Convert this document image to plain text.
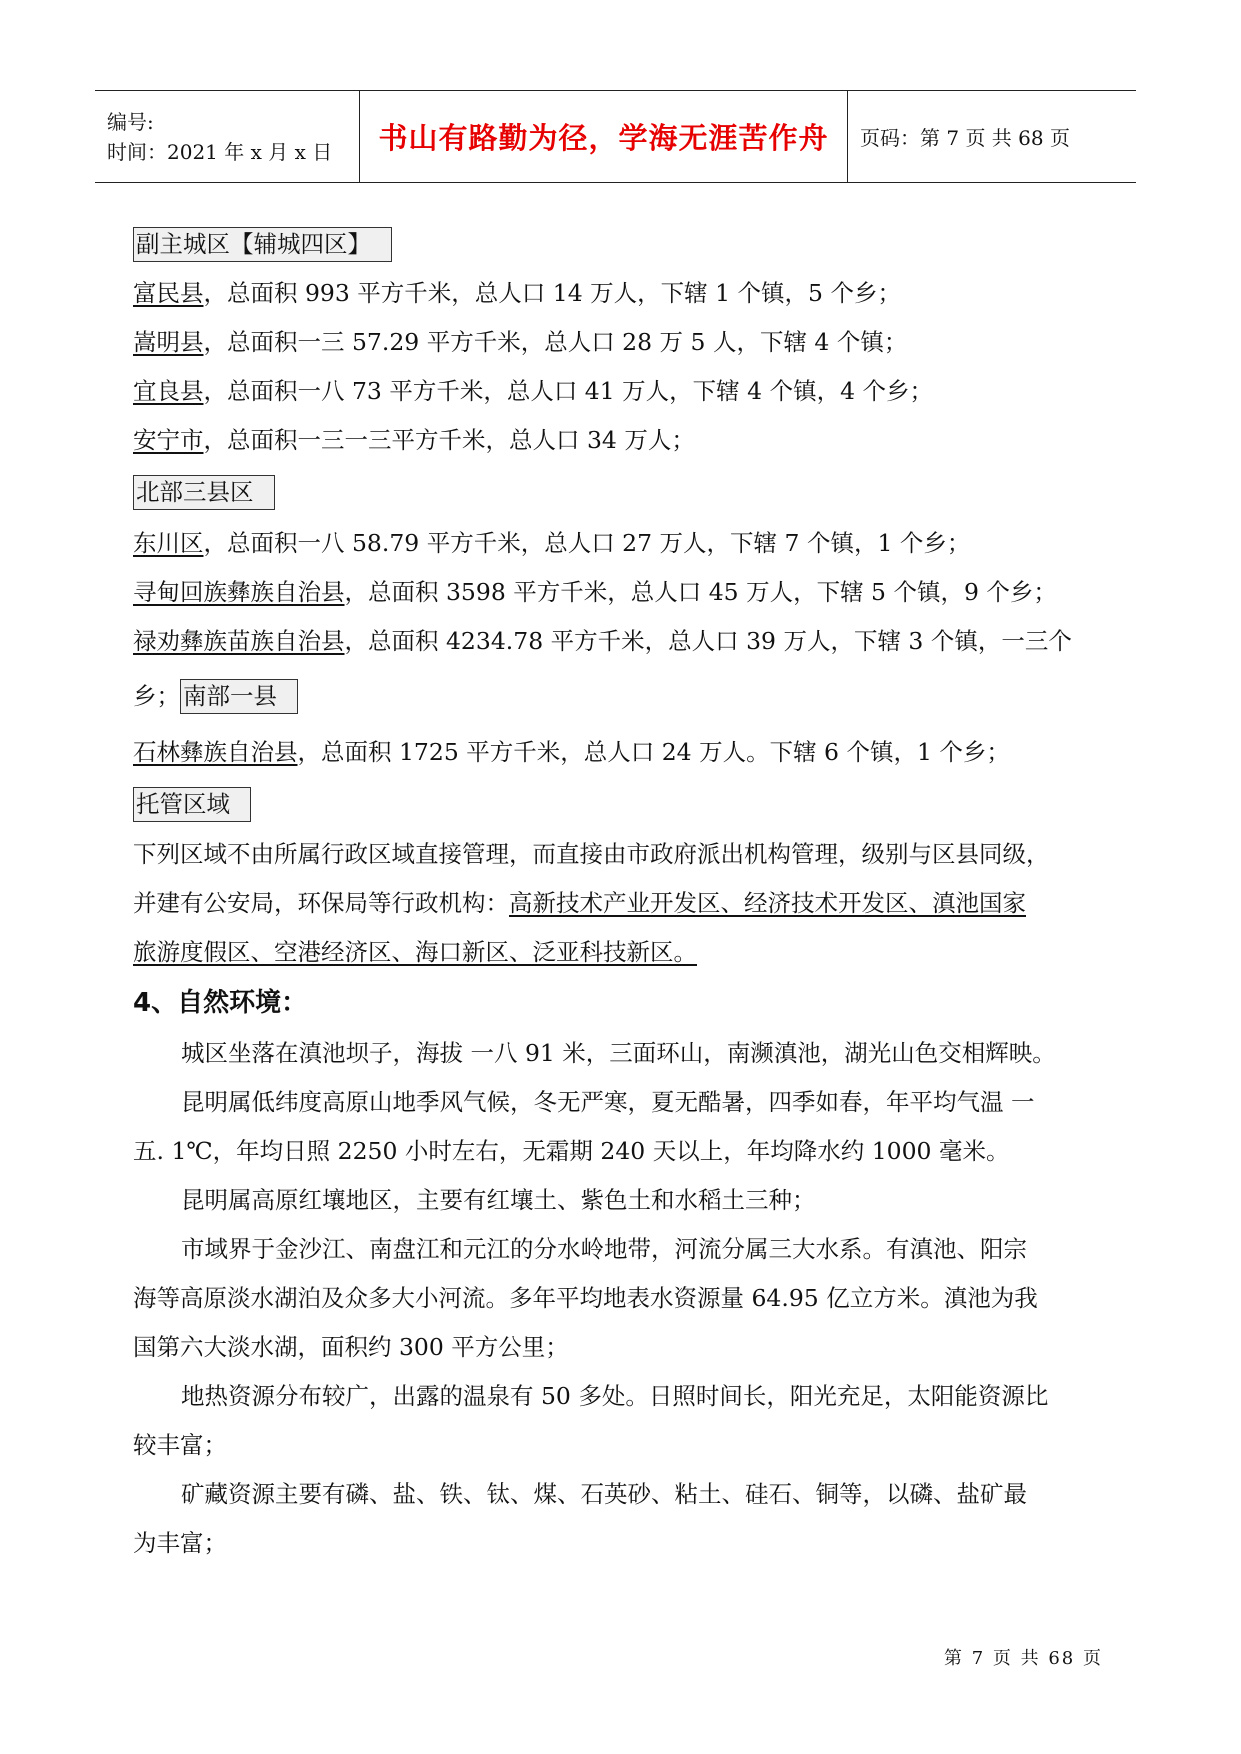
编号:
时间：2021 年 x 月 x 日	书山有路勤为径，学海无涯苦作舟 页码：第 7 页 共 68 页
副主城区【辅城四区】
富民县，总面积 993 平方千米，总人口 14 万人，下辖 1 个镇，5 个乡；
嵩明县，总面积一三 57.29 平方千米，总人口 28 万 5 人，下辖 4 个镇；
宜良县，总面积一八 73 平方千米，总人口 41 万人，下辖 4 个镇，4 个乡；
安宁市，总面积一三一三平方千米，总人口 34 万人；
北部三县区
东川区，总面积一八 58.79 平方千米，总人口 27 万人，下辖 7 个镇，1 个乡；
寻甸回族彝族自治县，总面积 3598 平方千米，总人口 45 万人，下辖 5 个镇，9 个乡；
禄劝彝族苗族自治县，总面积 4234.78 平方千米，总人口 39 万人，下辖 3 个镇，一三个
乡； 南部一县
石林彝族自治县，总面积 1725 平方千米，总人口 24 万人。下辖 6 个镇，1 个乡；
托管区域
下列区域不由所属行政区域直接管理，而直接由市政府派出机构管理，级别与区县同级，
并建有公安局，环保局等行政机构：高新技术产业开发区、经济技术开发区、滇池国家
旅游度假区、空港经济区、海口新区、泛亚科技新区。
4、自然环境：
城区坐落在滇池坝子，海拔 一八 91 米，三面环山，南濒滇池，湖光山色交相辉映。
昆明属低纬度高原山地季风气候，冬无严寒，夏无酷暑，四季如春，年平均气温 一
五. 1℃，年均日照 2250 小时左右，无霜期 240 天以上，年均降水约 1000 毫米。
昆明属高原红壤地区，主要有红壤土、紫色土和水稻土三种；
市域界于金沙江、南盘江和元江的分水岭地带，河流分属三大水系。有滇池、阳宗
海等高原淡水湖泊及众多大小河流。多年平均地表水资源量 64.95 亿立方米。滇池为我
国第六大淡水湖，面积约 300 平方公里；
地热资源分布较广，出露的温泉有 50 多处。日照时间长，阳光充足，太阳能资源比
较丰富；
矿藏资源主要有磷、盐、铁、钛、煤、石英砂、粘土、硅石、铜等，以磷、盐矿最
为丰富；
第 7 页 共 68 页
